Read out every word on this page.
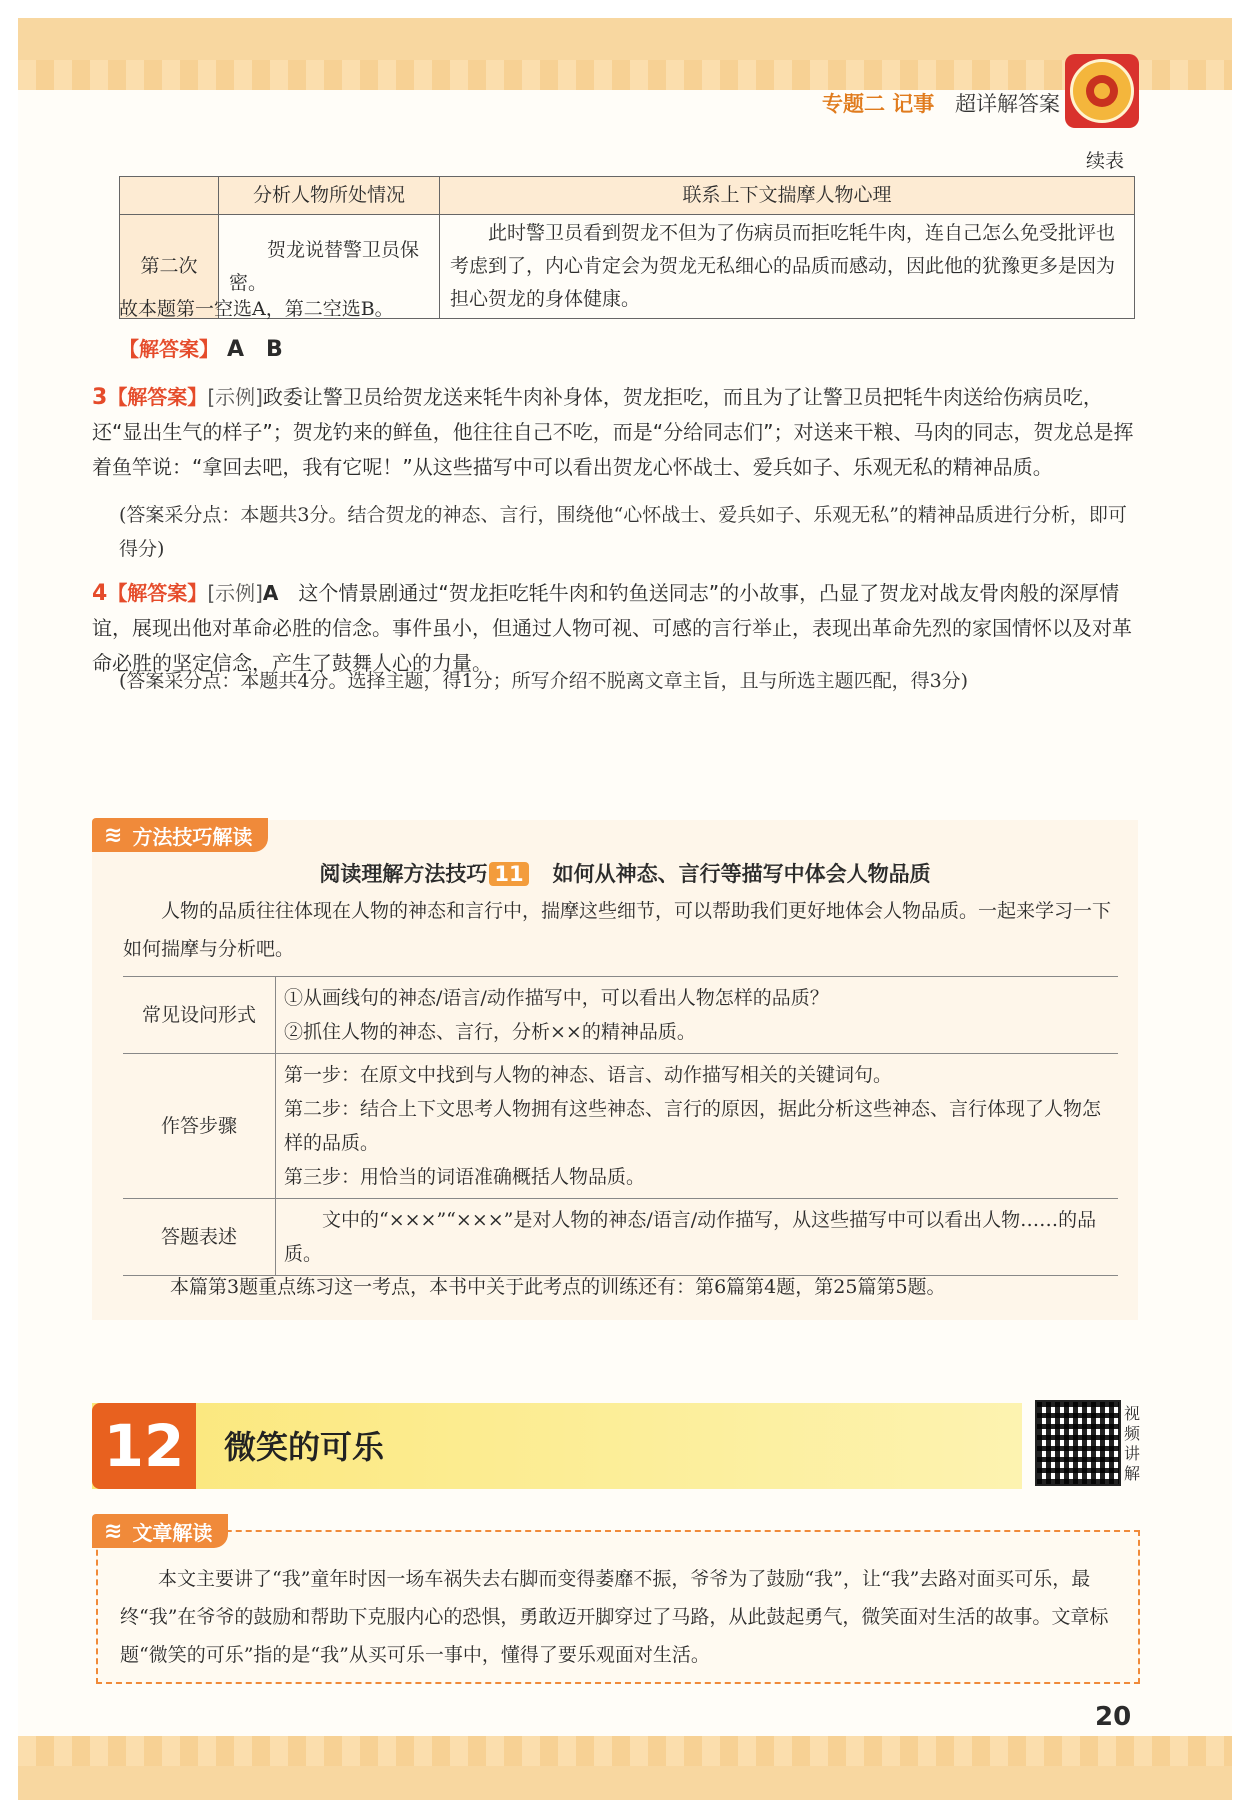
专题二 记事 超详解答案
续表
	分析人物所处情况	联系上下文揣摩人物心理
第二次	贺龙说替警卫员保密。	此时警卫员看到贺龙不但为了伤病员而拒吃牦牛肉，连自己怎么免受批评也考虑到了，内心肯定会为贺龙无私细心的品质而感动，因此他的犹豫更多是因为担心贺龙的身体健康。
故本题第一空选A，第二空选B。
【解答案】 A　B
3【解答案】[示例]政委让警卫员给贺龙送来牦牛肉补身体，贺龙拒吃，而且为了让警卫员把牦牛肉送给伤病员吃，还“显出生气的样子”；贺龙钓来的鲜鱼，他往往自己不吃，而是“分给同志们”；对送来干粮、马肉的同志，贺龙总是挥着鱼竿说：“拿回去吧，我有它呢！”从这些描写中可以看出贺龙心怀战士、爱兵如子、乐观无私的精神品质。
(答案采分点：本题共3分。结合贺龙的神态、言行，围绕他“心怀战士、爱兵如子、乐观无私”的精神品质进行分析，即可得分)
4【解答案】[示例]A　 这个情景剧通过“贺龙拒吃牦牛肉和钓鱼送同志”的小故事，凸显了贺龙对战友骨肉般的深厚情谊，展现出他对革命必胜的信念。事件虽小，但通过人物可视、可感的言行举止，表现出革命先烈的家国情怀以及对革命必胜的坚定信念，产生了鼓舞人心的力量。
(答案采分点：本题共4分。选择主题，得1分；所写介绍不脱离文章主旨，且与所选主题匹配，得3分)
≋ 方法技巧解读
阅读理解方法技巧 11 如何从神态、言行等描写中体会人物品质
人物的品质往往体现在人物的神态和言行中，揣摩这些细节，可以帮助我们更好地体会人物品质。一起来学习一下如何揣摩与分析吧。
常见设问形式	①从画线句的神态/语言/动作描写中，可以看出人物怎样的品质？
②抓住人物的神态、言行，分析××的精神品质。

作答步骤	第一步：在原文中找到与人物的神态、语言、动作描写相关的关键词句。
第二步：结合上下文思考人物拥有这些神态、言行的原因，据此分析这些神态、言行体现了人物怎样的品质。
第三步：用恰当的词语准确概括人物品质。

答题表述	文中的“×××”“×××”是对人物的神态/语言/动作描写，从这些描写中可以看出人物……的品质。
本篇第3题重点练习这一考点，本书中关于此考点的训练还有：第6篇第4题，第25篇第5题。
12	微笑的可乐
视频讲解
≋ 文章解读
本文主要讲了“我”童年时因一场车祸失去右脚而变得萎靡不振，爷爷为了鼓励“我”，让“我”去路对面买可乐，最终“我”在爷爷的鼓励和帮助下克服内心的恐惧，勇敢迈开脚穿过了马路，从此鼓起勇气，微笑面对生活的故事。文章标题“微笑的可乐”指的是“我”从买可乐一事中，懂得了要乐观面对生活。
20
